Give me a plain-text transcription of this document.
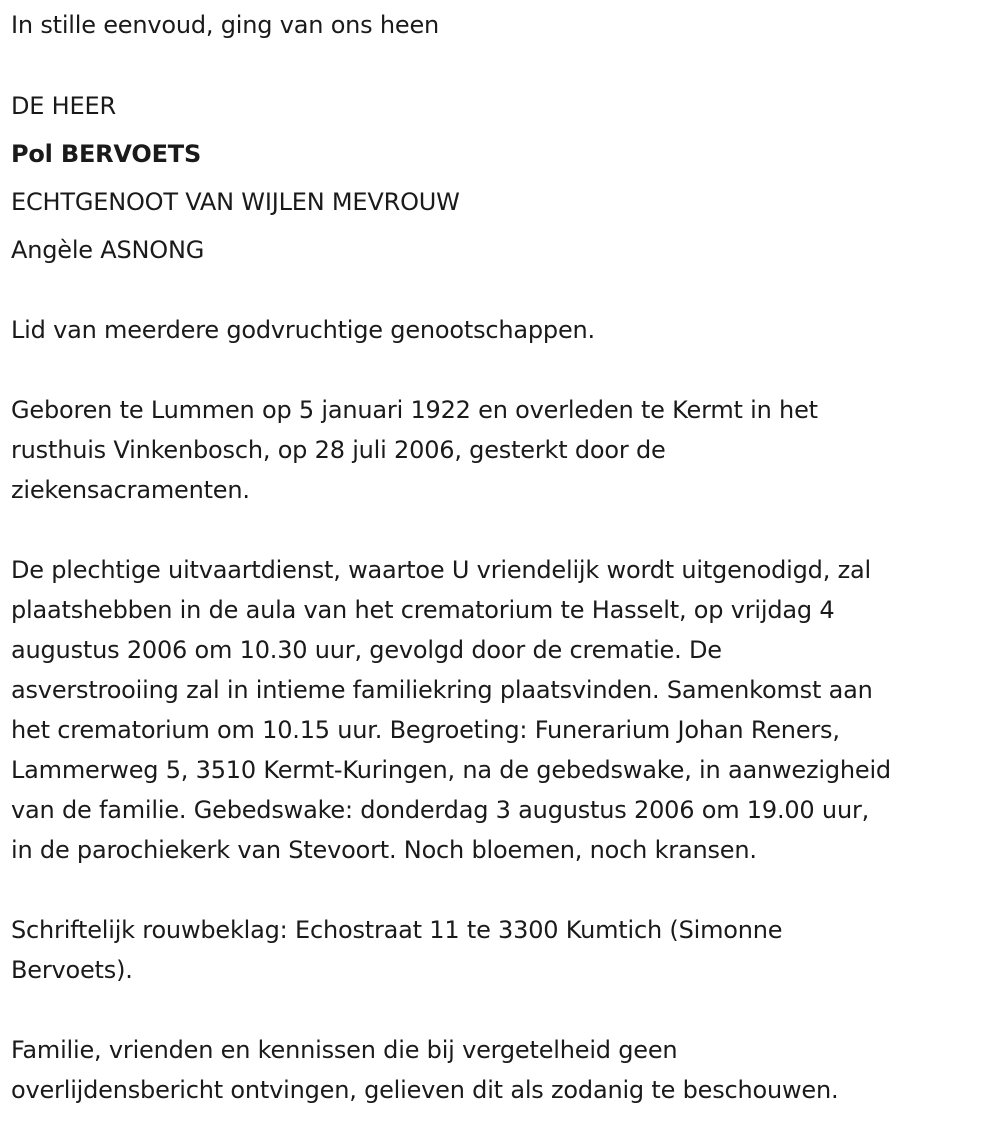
In stille eenvoud, ging van ons heen
DE HEER
Pol BERVOETS
ECHTGENOOT VAN WIJLEN MEVROUW
Angèle ASNONG
Lid van meerdere godvruchtige genootschappen.
Geboren te Lummen op 5 januari 1922 en overleden te Kermt in het
rusthuis Vinkenbosch, op 28 juli 2006, gesterkt door de
ziekensacramenten.
De plechtige uitvaartdienst, waartoe U vriendelijk wordt uitgenodigd, zal
plaatshebben in de aula van het crematorium te Hasselt, op vrijdag 4
augustus 2006 om 10.30 uur, gevolgd door de crematie. De
asverstrooiing zal in intieme familiekring plaatsvinden. Samenkomst aan
het crematorium om 10.15 uur. Begroeting: Funerarium Johan Reners,
Lammerweg 5, 3510 Kermt-Kuringen, na de gebedswake, in aanwezigheid
van de familie. Gebedswake: donderdag 3 augustus 2006 om 19.00 uur,
in de parochiekerk van Stevoort. Noch bloemen, noch kransen.
Schriftelijk rouwbeklag: Echostraat 11 te 3300 Kumtich (Simonne
Bervoets).
Familie, vrienden en kennissen die bij vergetelheid geen
overlijdensbericht ontvingen, gelieven dit als zodanig te beschouwen.
